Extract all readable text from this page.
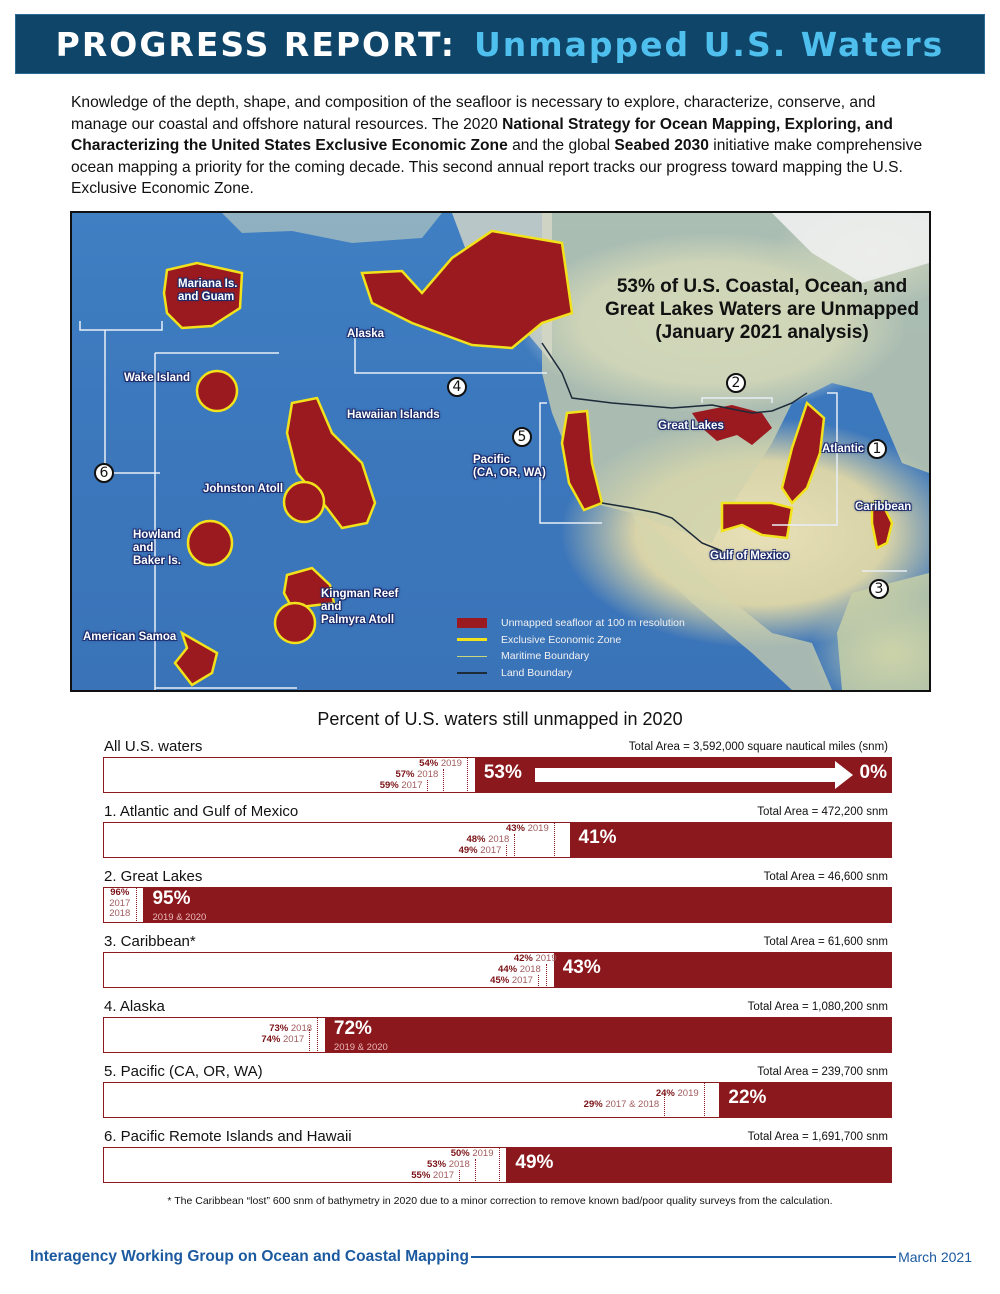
PROGRESS REPORT: Unmapped U.S. Waters

Knowledge of the depth, shape, and composition of the seafloor is necessary to explore, characterize, conserve, and manage our coastal and offshore natural resources. The 2020 National Strategy for Ocean Mapping, Exploring, and Characterizing the United States Exclusive Economic Zone and the global Seabed 2030 initiative make comprehensive ocean mapping a priority for the coming decade. This second annual report tracks our progress toward mapping the U.S. Exclusive Economic Zone.

53% of U.S. Coastal, Ocean, and
Great Lakes Waters are Unmapped
(January 2021 analysis)
Mariana Is.
and Guam
Alaska
Wake Island
Hawaiian Islands
Johnston Atoll
Howland
and
Baker Is.
Kingman Reef
and
Palmyra Atoll
American Samoa
Pacific
(CA, OR, WA)
Great Lakes
Atlantic
Caribbean
Gulf of Mexico
1
2
3
4
5
6
Unmapped seafloor at 100 m resolution
Exclusive Economic Zone
Maritime Boundary
Land Boundary
Percent of U.S. waters still unmapped in 2020
All U.S. waters	Total Area = 3,592,000 square nautical miles (snm)
53%	0%
54% 2019
57% 2018
59% 2017
1. Atlantic and Gulf of Mexico	Total Area = 472,200 snm
41%
43% 2019
48% 2018
49% 2017
2. Great Lakes	Total Area = 46,600 snm
95%
2019 & 2020
96%
2017
2018
3. Caribbean*	Total Area = 61,600 snm
43%
42% 2019
44% 2018
45% 2017
4. Alaska	Total Area = 1,080,200 snm
72%
2019 & 2020
73% 2018
74% 2017
5. Pacific (CA, OR, WA)	Total Area = 239,700 snm
22%
24% 2019
29% 2017 & 2018
6. Pacific Remote Islands and Hawaii	Total Area = 1,691,700 snm
49%
50% 2019
53% 2018
55% 2017
* The Caribbean “lost” 600 snm of bathymetry in 2020 due to a minor correction to remove known bad/poor quality surveys from the calculation.
Interagency Working Group on Ocean and Coastal Mapping	March 2021
